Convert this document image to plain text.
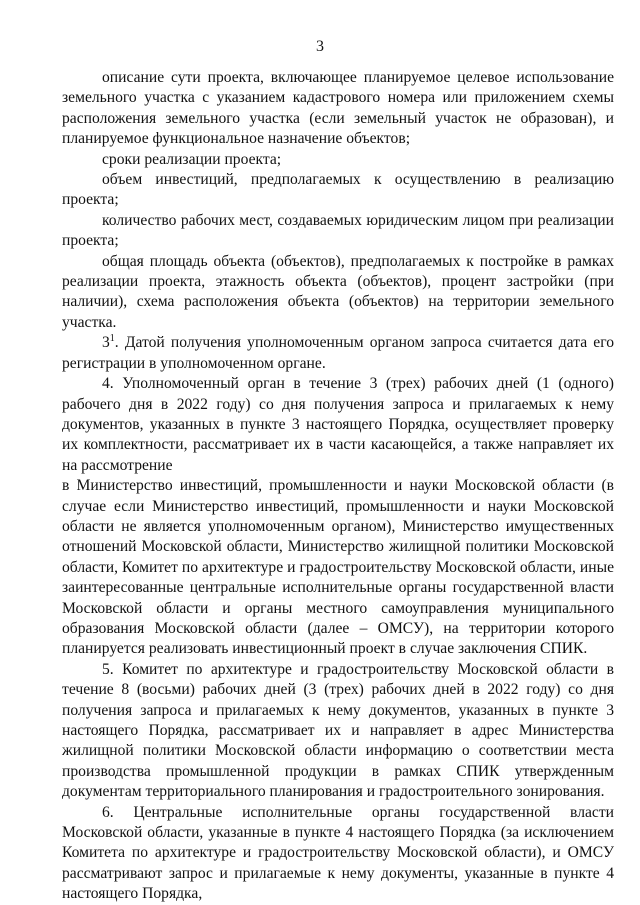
3

описание сути проекта, включающее планируемое целевое использование земельного участка с указанием кадастрового номера или приложением схемы расположения земельного участка (если земельный участок не образован), и планируемое функциональное назначение объектов;

сроки реализации проекта;

объем инвестиций, предполагаемых к осуществлению в реализацию проекта;

количество рабочих мест, создаваемых юридическим лицом при реализации проекта;

общая площадь объекта (объектов), предполагаемых к постройке в рамках реализации проекта, этажность объекта (объектов), процент застройки (при наличии), схема расположения объекта (объектов) на территории земельного участка.

$3^1$. Датой получения уполномоченным органом запроса считается дата его регистрации в уполномоченном органе.

4. Уполномоченный орган в течение 3 (трех) рабочих дней (1 (одного) рабочего дня в 2022 году) со дня получения запроса и прилагаемых к нему документов, указанных в пункте 3 настоящего Порядка, осуществляет проверку их комплектности, рассматривает их в части касающейся, а также направляет их на рассмотрение

в Министерство инвестиций, промышленности и науки Московской области (в случае если Министерство инвестиций, промышленности и науки Московской области не является уполномоченным органом), Министерство имущественных отношений Московской области, Министерство жилищной политики Московской области, Комитет по архитектуре и градостроительству Московской области, иные заинтересованные центральные исполнительные органы государственной власти Московской области и органы местного самоуправления муниципального образования Московской области (далее – ОМСУ), на территории которого планируется реализовать инвестиционный проект в случае заключения СПИК.

5. Комитет по архитектуре и градостроительству Московской области в течение 8 (восьми) рабочих дней (3 (трех) рабочих дней в 2022 году) со дня получения запроса и прилагаемых к нему документов, указанных в пункте 3 настоящего Порядка, рассматривает их и направляет в адрес Министерства жилищной политики Московской области информацию о соответствии места производства промышленной продукции в рамках СПИК утвержденным документам территориального планирования и градостроительного зонирования.

6. Центральные исполнительные органы государственной власти Московской области, указанные в пункте 4 настоящего Порядка (за исключением Комитета по архитектуре и градостроительству Московской области), и ОМСУ рассматривают запрос и прилагаемые к нему документы, указанные в пункте 4 настоящего Порядка,
